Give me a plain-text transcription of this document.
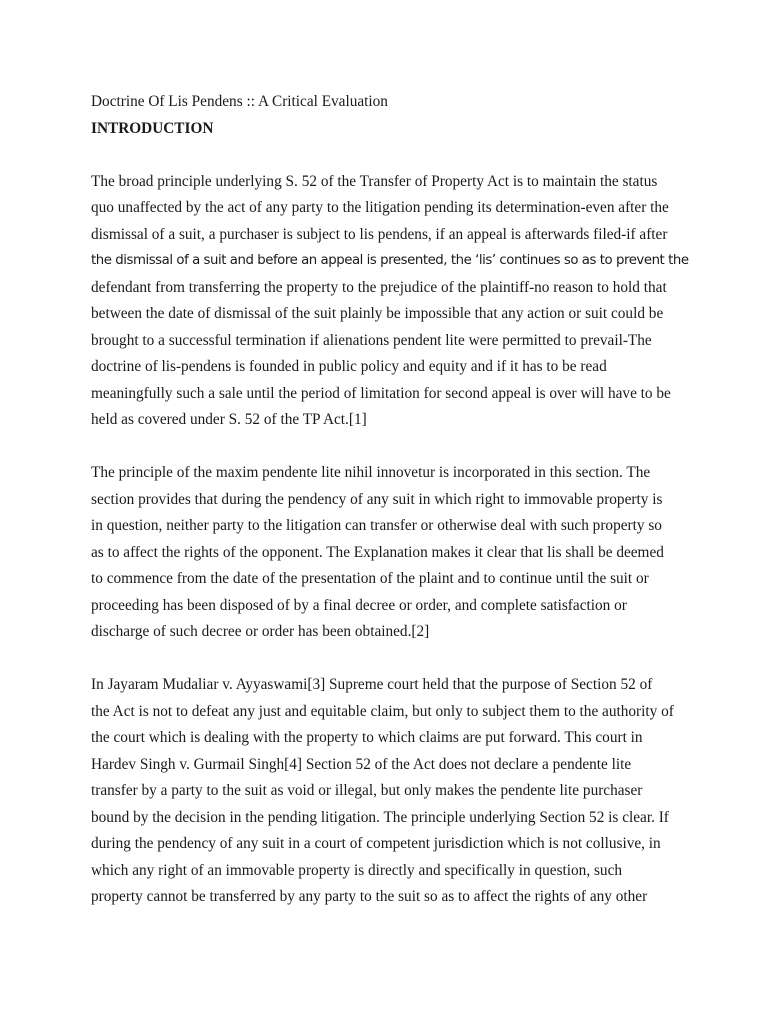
Doctrine Of Lis Pendens :: A Critical Evaluation

INTRODUCTION

The broad principle underlying S. 52 of the Transfer of Property Act is to maintain the status
quo unaffected by the act of any party to the litigation pending its determination-even after the
dismissal of a suit, a purchaser is subject to lis pendens, if an appeal is afterwards filed-if after
the dismissal of a suit and before an appeal is presented, the ‘lis’ continues so as to prevent the
defendant from transferring the property to the prejudice of the plaintiff-no reason to hold that
between the date of dismissal of the suit plainly be impossible that any action or suit could be
brought to a successful termination if alienations pendent lite were permitted to prevail-The
doctrine of lis-pendens is founded in public policy and equity and if it has to be read
meaningfully such a sale until the period of limitation for second appeal is over will have to be
held as covered under S. 52 of the TP Act.[1]

The principle of the maxim pendente lite nihil innovetur is incorporated in this section. The
section provides that during the pendency of any suit in which right to immovable property is
in question, neither party to the litigation can transfer or otherwise deal with such property so
as to affect the rights of the opponent. The Explanation makes it clear that lis shall be deemed
to commence from the date of the presentation of the plaint and to continue until the suit or
proceeding has been disposed of by a final decree or order, and complete satisfaction or
discharge of such decree or order has been obtained.[2]

In Jayaram Mudaliar v. Ayyaswami[3] Supreme court held that the purpose of Section 52 of
the Act is not to defeat any just and equitable claim, but only to subject them to the authority of
the court which is dealing with the property to which claims are put forward. This court in
Hardev Singh v. Gurmail Singh[4] Section 52 of the Act does not declare a pendente lite
transfer by a party to the suit as void or illegal, but only makes the pendente lite purchaser
bound by the decision in the pending litigation. The principle underlying Section 52 is clear. If
during the pendency of any suit in a court of competent jurisdiction which is not collusive, in
which any right of an immovable property is directly and specifically in question, such
property cannot be transferred by any party to the suit so as to affect the rights of any other
